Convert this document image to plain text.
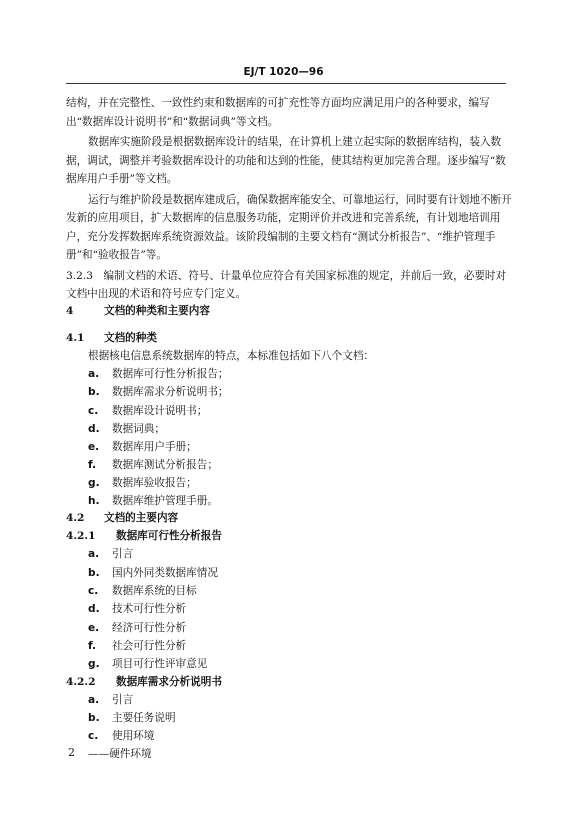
EJ/T 1020—96

结构，并在完整性、一致性约束和数据库的可扩充性等方面均应满足用户的各种要求，编写出“数据库设计说明书”和“数据词典”等文档。

数据库实施阶段是根据数据库设计的结果，在计算机上建立起实际的数据库结构，装入数据，调试，调整并考验数据库设计的功能和达到的性能，使其结构更加完善合理。逐步编写“数据库用户手册”等文档。

运行与维护阶段是数据库建成后，确保数据库能安全、可靠地运行，同时要有计划地不断开发新的应用项目，扩大数据库的信息服务功能，定期评价并改进和完善系统，有计划地培训用户，充分发挥数据库系统资源效益。该阶段编制的主要文档有“测试分析报告”、“维护管理手册”和“验收报告”等。

3.2.3　编制文档的术语、符号、计量单位应符合有关国家标准的规定，并前后一致，必要时对文档中出现的术语和符号应专门定义。

4	文档的种类和主要内容
4.1 文档的种类
根据核电信息系统数据库的特点，本标准包括如下八个文档：
a. 数据库可行性分析报告；
b. 数据库需求分析说明书；
c. 数据库设计说明书；
d. 数据词典；
e. 数据库用户手册；
f. 数据库测试分析报告；
g. 数据库验收报告；
h. 数据库维护管理手册。
4.2 文档的主要内容
4.2.1 数据库可行性分析报告
a. 引言
b. 国内外同类数据库情况
c. 数据库系统的目标
d. 技术可行性分析
e. 经济可行性分析
f. 社会可行性分析
g. 项目可行性评审意见
4.2.2 数据库需求分析说明书
a. 引言
b. 主要任务说明
c. 使用环境
——硬件环境
2
